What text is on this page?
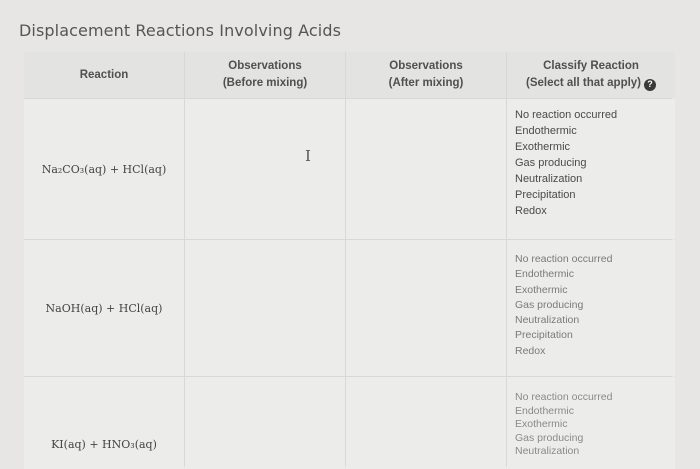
Displacement Reactions Involving Acids
Reaction
Observations
(Before mixing)
Observations
(After mixing)
Classify Reaction
(Select all that apply) ?
Na₂CO₃(aq) + HCl(aq)
I
No reaction occurred
Endothermic
Exothermic
Gas producing
Neutralization
Precipitation
Redox
NaOH(aq) + HCl(aq)
No reaction occurred
Endothermic
Exothermic
Gas producing
Neutralization
Precipitation
Redox
KI(aq) + HNO₃(aq)
No reaction occurred
Endothermic
Exothermic
Gas producing
Neutralization
